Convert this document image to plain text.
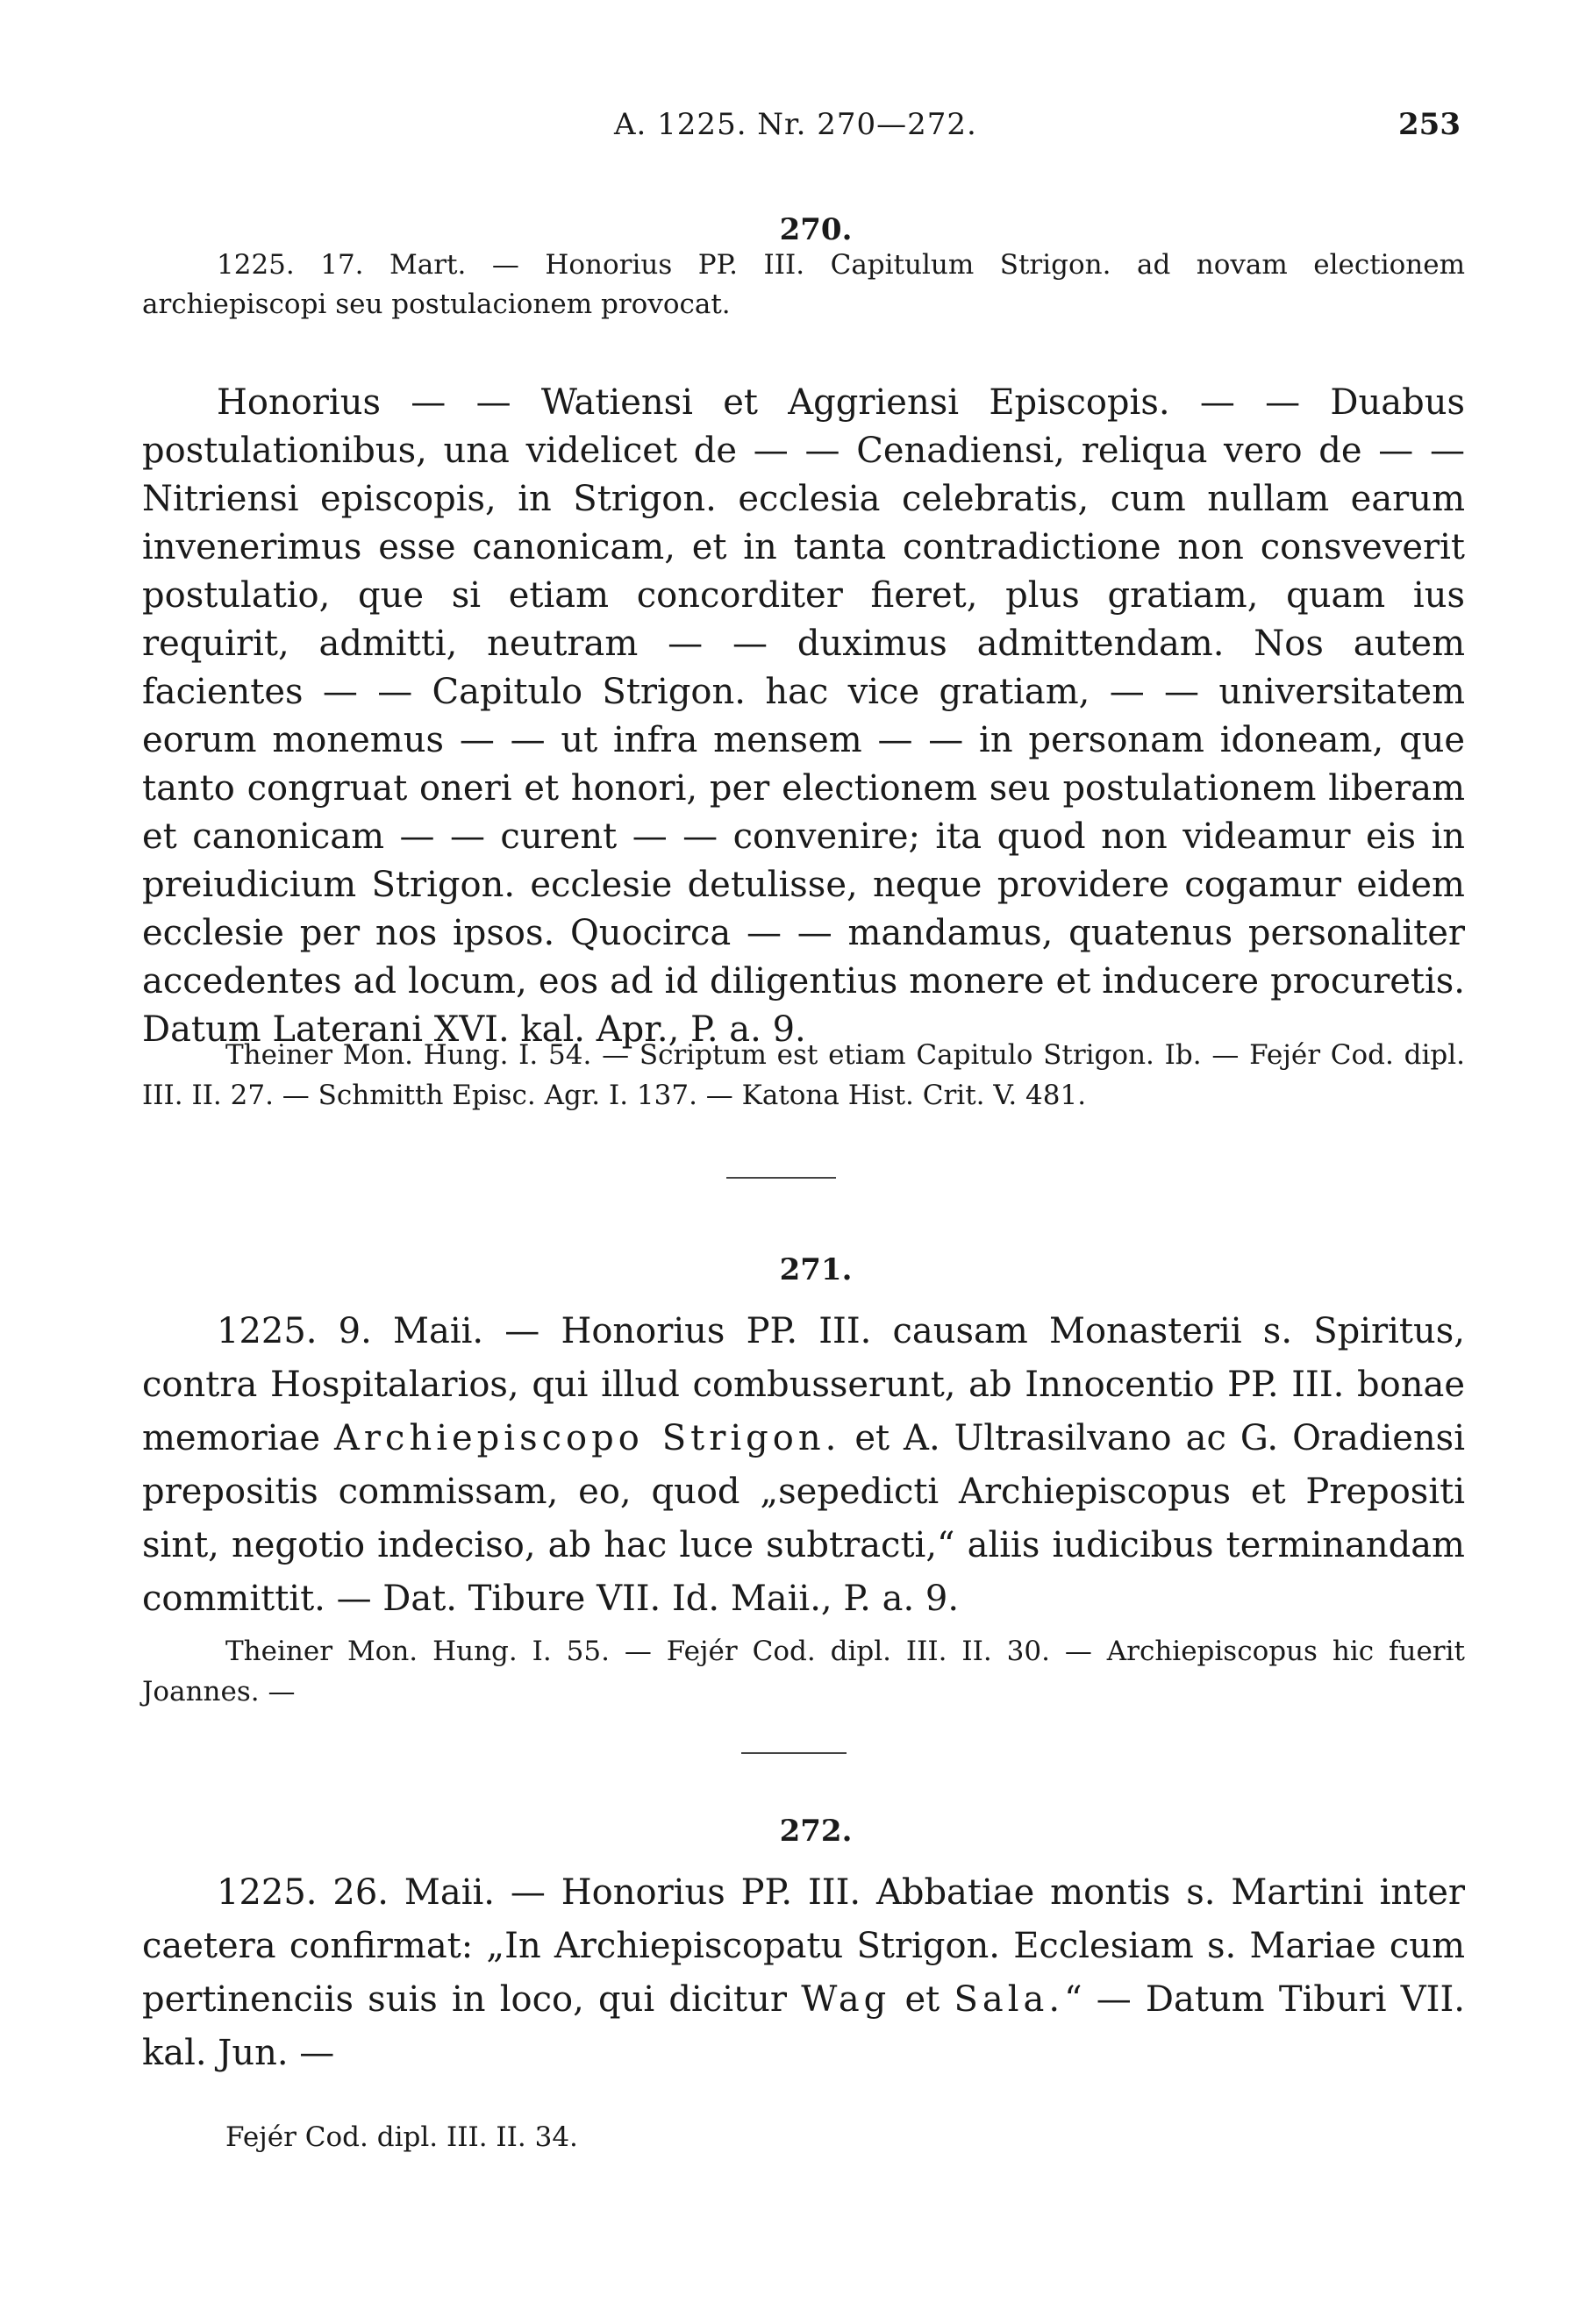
A. 1225. Nr. 270—272.	253
270.

1225. 17. Mart. — Honorius PP. III. Capitulum Strigon. ad novam electionem archiepiscopi seu postulacionem provocat.

Honorius — — Watiensi et Aggriensi Episcopis. — — Duabus postulationibus, una videlicet de — — Cenadiensi, reliqua vero de — — Nitriensi episcopis, in Strigon. ecclesia celebratis, cum nullam earum invenerimus esse canonicam, et in tanta contradictione non consveverit postulatio, que si etiam concorditer fieret, plus gratiam, quam ius requirit, admitti, neutram — — duximus admittendam. Nos autem facientes — — Capitulo Strigon. hac vice gratiam, — — universitatem eorum monemus — — ut infra mensem — — in personam idoneam, que tanto congruat oneri et honori, per electionem seu postulationem liberam et canonicam — — curent — — convenire; ita quod non videamur eis in preiudicium Strigon. ecclesie detulisse, neque providere cogamur eidem ecclesie per nos ipsos. Quocirca — — mandamus, quatenus personaliter accedentes ad locum, eos ad id diligentius monere et inducere procuretis. Datum Laterani XVI. kal. Apr., P. a. 9.

Theiner Mon. Hung. I. 54. — Scriptum est etiam Capitulo Strigon. Ib. — Fejér Cod. dipl. III. II. 27. — Schmitth Episc. Agr. I. 137. — Katona Hist. Crit. V. 481.

271.

1225. 9. Maii. — Honorius PP. III. causam Monasterii s. Spiritus, contra Hospitalarios, qui illud combusserunt, ab Innocentio PP. III. bonae memoriae Archiepiscopo Strigon. et A. Ultrasilvano ac G. Oradiensi prepositis commissam, eo, quod „sepedicti Archiepiscopus et Prepositi sint, negotio indeciso, ab hac luce subtracti,“ aliis iudicibus terminandam committit. — Dat. Tibure VII. Id. Maii., P. a. 9.

Theiner Mon. Hung. I. 55. — Fejér Cod. dipl. III. II. 30. — Archiepiscopus hic fuerit Joannes. —

272.

1225. 26. Maii. — Honorius PP. III. Abbatiae montis s. Martini inter caetera confirmat: „In Archiepiscopatu Strigon. Ecclesiam s. Mariae cum pertinenciis suis in loco, qui dicitur Wag et Sala.“ — Datum Tiburi VII. kal. Jun. —

Fejér Cod. dipl. III. II. 34.
